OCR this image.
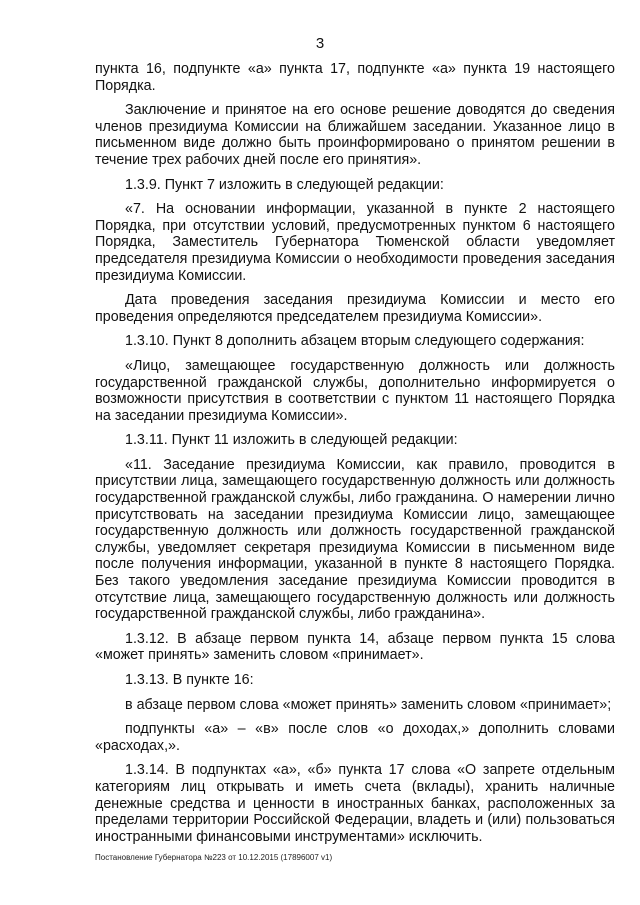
3

пункта 16, подпункте «а» пункта 17, подпункте «а» пункта 19 настоящего Порядка.

Заключение и принятое на его основе решение доводятся до сведения членов президиума Комиссии на ближайшем заседании. Указанное лицо в письменном виде должно быть проинформировано о принятом решении в течение трех рабочих дней после его принятия».

1.3.9. Пункт 7 изложить в следующей редакции:

«7. На основании информации, указанной в пункте 2 настоящего Порядка, при отсутствии условий, предусмотренных пунктом 6 настоящего Порядка, Заместитель Губернатора Тюменской области уведомляет председателя президиума Комиссии о необходимости проведения заседания президиума Комиссии.

Дата проведения заседания президиума Комиссии и место его проведения определяются председателем президиума Комиссии».

1.3.10. Пункт 8 дополнить абзацем вторым следующего содержания:

«Лицо, замещающее государственную должность или должность государственной гражданской службы, дополнительно информируется о возможности присутствия в соответствии с пунктом 11 настоящего Порядка на заседании президиума Комиссии».

1.3.11. Пункт 11 изложить в следующей редакции:

«11. Заседание президиума Комиссии, как правило, проводится в присутствии лица, замещающего государственную должность или должность государственной гражданской службы, либо гражданина. О намерении лично присутствовать на заседании президиума Комиссии лицо, замещающее государственную должность или должность государственной гражданской службы, уведомляет секретаря президиума Комиссии в письменном виде после получения информации, указанной в пункте 8 настоящего Порядка. Без такого уведомления заседание президиума Комиссии проводится в отсутствие лица, замещающего государственную должность или должность государственной гражданской службы, либо гражданина».

1.3.12. В абзаце первом пункта 14, абзаце первом пункта 15 слова «может принять» заменить словом «принимает».

1.3.13. В пункте 16:

в абзаце первом слова «может принять» заменить словом «принимает»;

подпункты «а» – «в» после слов «о доходах,» дополнить словами «расходах,».

1.3.14. В подпунктах «а», «б» пункта 17 слова «О запрете отдельным категориям лиц открывать и иметь счета (вклады), хранить наличные денежные средства и ценности в иностранных банках, расположенных за пределами территории Российской Федерации, владеть и (или) пользоваться иностранными финансовыми инструментами» исключить.

Постановление Губернатора №223 от 10.12.2015 (17896007 v1)
